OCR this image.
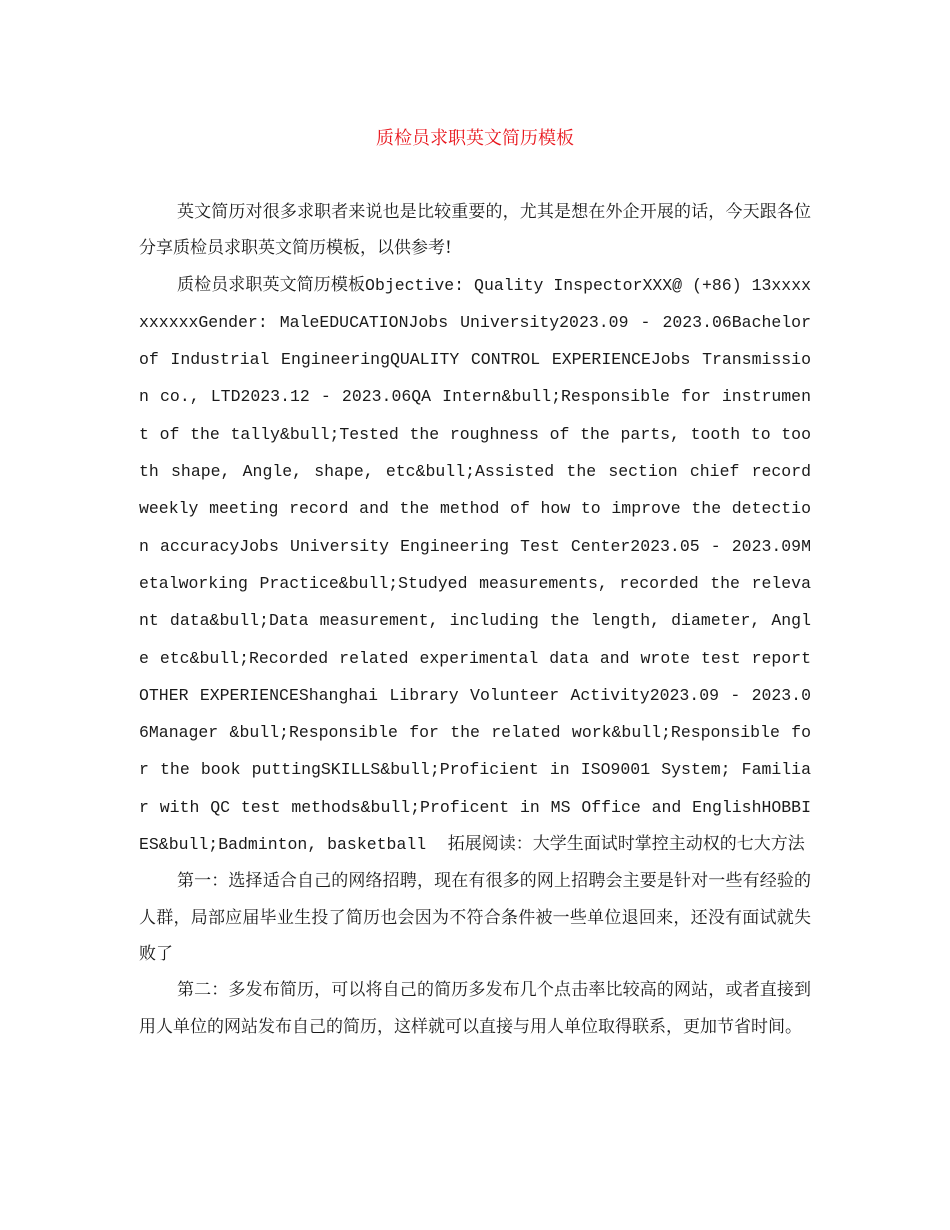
质检员求职英文简历模板

英文简历对很多求职者来说也是比较重要的，尤其是想在外企开展的话，今天跟各位分享质检员求职英文简历模板，以供参考!

质检员求职英文简历模板Objective: Quality InspectorXXX@ (+86) 13xxxxxxxxxxGender: MaleEDUCATIONJobs University2023.09 - 2023.06Bachelor of Industrial EngineeringQUALITY CONTROL EXPERIENCEJobs Transmission co., LTD2023.12 - 2023.06QA Intern&bull;Responsible for instrument of the tally&bull;Tested the roughness of the parts, tooth to tooth shape, Angle, shape, etc&bull;Assisted the section chief record weekly meeting record and the method of how to improve the detection accuracyJobs University Engineering Test Center2023.05 - 2023.09Metalworking Practice&bull;Studyed measurements, recorded the relevant data&bull;Data measurement, including the length, diameter, Angle etc&bull;Recorded related experimental data and wrote test reportOTHER EXPERIENCEShanghai Library Volunteer Activity2023.09 - 2023.06Manager &bull;Responsible for the related work&bull;Responsible for the book puttingSKILLS&bull;Proficient in ISO9001 System; Familiar with QC test methods&bull;Proficent in MS Office and EnglishHOBBIES&bull;Badminton, basketball 拓展阅读：大学生面试时掌控主动权的七大方法

第一：选择适合自己的网络招聘，现在有很多的网上招聘会主要是针对一些有经验的人群，局部应届毕业生投了简历也会因为不符合条件被一些单位退回来，还没有面试就失败了

第二：多发布简历，可以将自己的简历多发布几个点击率比较高的网站，或者直接到用人单位的网站发布自己的简历，这样就可以直接与用人单位取得联系，更加节省时间。
